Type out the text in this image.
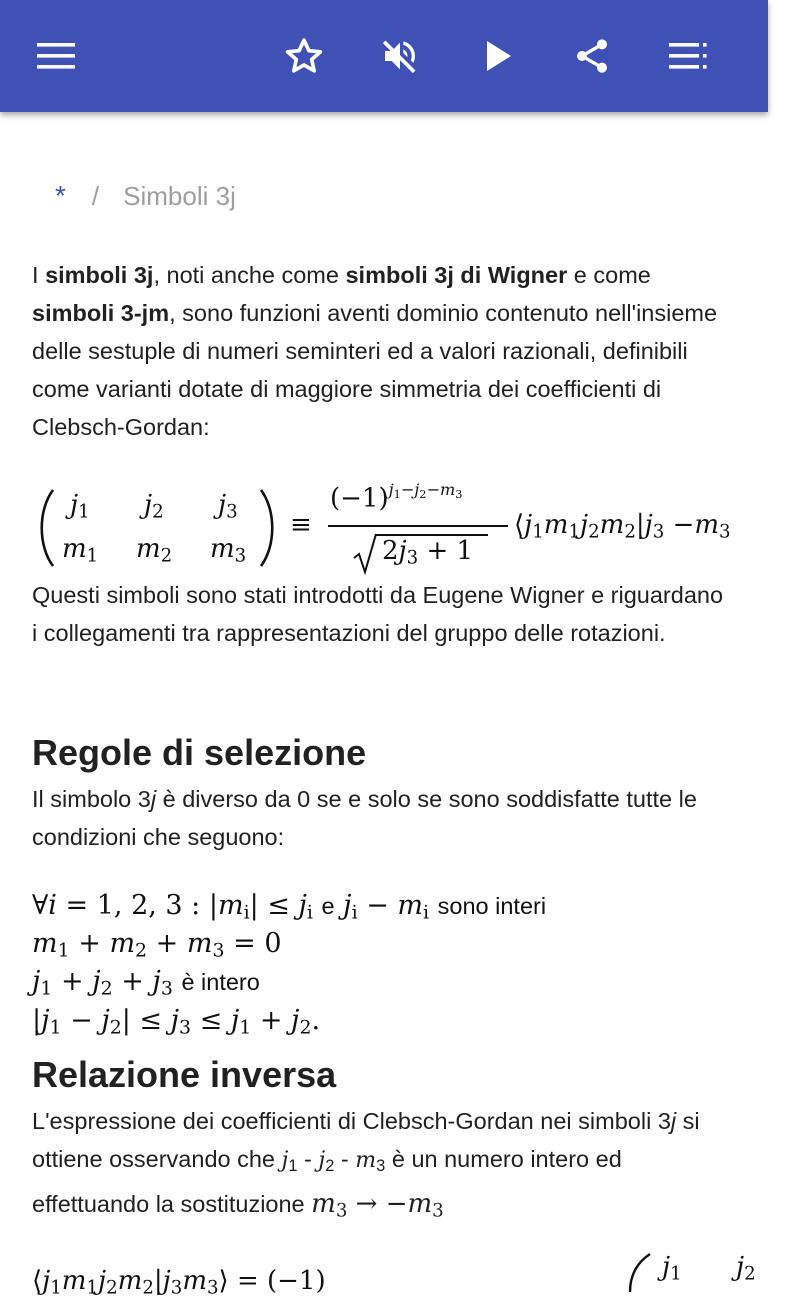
* / Simboli 3j

I simboli 3j, noti anche come simboli 3j di Wigner e come simboli 3-jm, sono funzioni aventi dominio contenuto nell'insieme delle sestuple di numeri seminteri ed a valori razionali, definibili come varianti dotate di maggiore simmetria dei coefficienti di Clebsch-Gordan:

$j_1$ $j_2$ $j_3$
$m_1$ $m_2$ $m_3$
≡
$(-1)^{j_1-j_2-m_3}$
$2j_3 + 1$
$⟨j_1m_1j_2m_2|j_3 -m_3$

Questi simboli sono stati introdotti da Eugene Wigner e riguardano i collegamenti tra rappresentazioni del gruppo delle rotazioni.

Regole di selezione

Il simbolo 3j è diverso da 0 se e solo se sono soddisfatte tutte le condizioni che seguono:

∀i = 1, 2, 3 : $|m_i| \le j_i$ e $j_i - m_i$ sono interi
$m_1 + m_2 + m_3 = 0$
$j_1 + j_2 + j_3$ è intero
$|j_1 - j_2| \le j_3 \le j_1 + j_2$.
Relazione inversa

L'espressione dei coefficienti di Clebsch-Gordan nei simboli 3j si ottiene osservando che $j_1 - j_2 - m_3$ è un numero intero ed effettuando la sostituzione $m_3 \to -m_3$

$⟨j_1m_1j_2m_2|j_3m_3⟩ = (-1)$	$j_1$ $j_2$
